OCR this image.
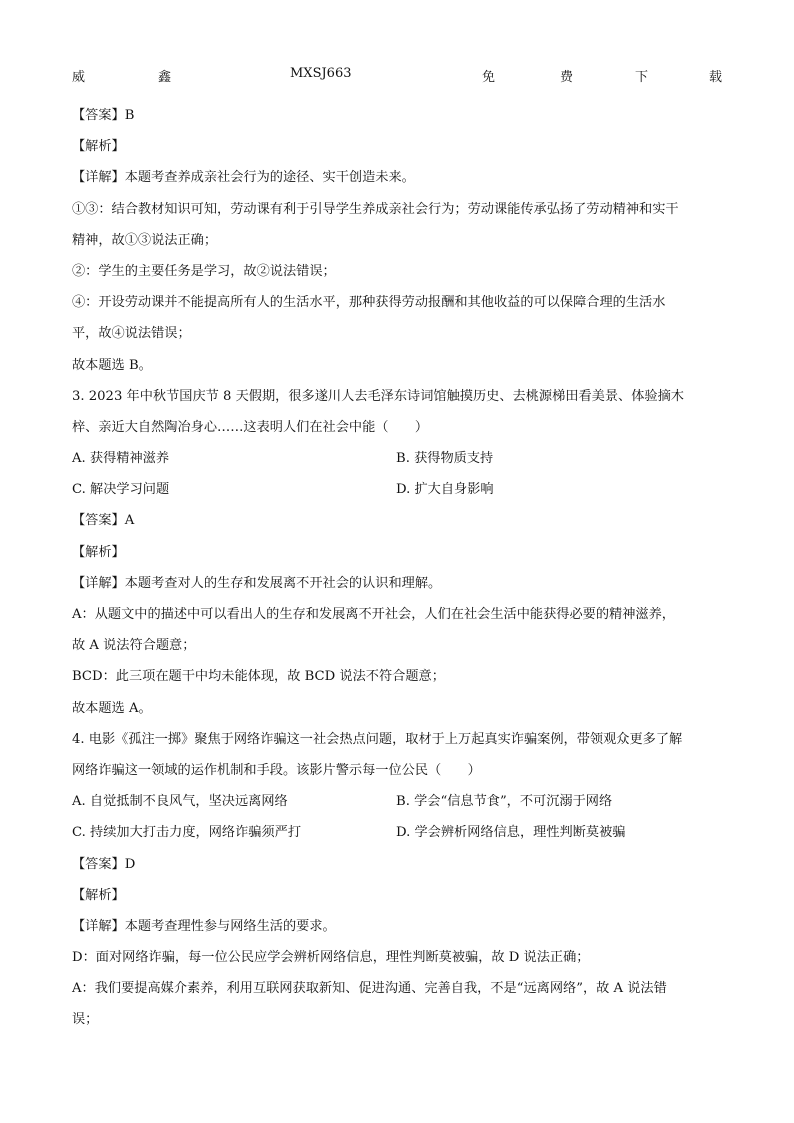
威	鑫	MXSJ663	免	费	下	载
【答案】B
【解析】
【详解】本题考查养成亲社会行为的途径、实干创造未来。
①③：结合教材知识可知，劳动课有利于引导学生养成亲社会行为；劳动课能传承弘扬了劳动精神和实干
精神，故①③说法正确；
②：学生的主要任务是学习，故②说法错误；
④：开设劳动课并不能提高所有人的生活水平，那种获得劳动报酬和其他收益的可以保障合理的生活水
平，故④说法错误；
故本题选 B。
3. 2023 年中秋节国庆节 8 天假期，很多遂川人去毛泽东诗词馆触摸历史、去桃源梯田看美景、体验摘木
梓、亲近大自然陶冶身心……这表明人们在社会中能（　　）
A. 获得精神滋养	B. 获得物质支持
C. 解决学习问题	D. 扩大自身影响
【答案】A
【解析】
【详解】本题考查对人的生存和发展离不开社会的认识和理解。
A：从题文中的描述中可以看出人的生存和发展离不开社会，人们在社会生活中能获得必要的精神滋养，
故 A 说法符合题意；
BCD：此三项在题干中均未能体现，故 BCD 说法不符合题意；
故本题选 A。
4. 电影《孤注一掷》聚焦于网络诈骗这一社会热点问题，取材于上万起真实诈骗案例，带领观众更多了解
网络诈骗这一领域的运作机制和手段。该影片警示每一位公民（　　）
A. 自觉抵制不良风气，坚决远离网络	B. 学会“信息节食”，不可沉溺于网络
C. 持续加大打击力度，网络诈骗须严打	D. 学会辨析网络信息，理性判断莫被骗
【答案】D
【解析】
【详解】本题考查理性参与网络生活的要求。
D：面对网络诈骗，每一位公民应学会辨析网络信息，理性判断莫被骗，故 D 说法正确；
A：我们要提高媒介素养，利用互联网获取新知、促进沟通、完善自我，不是“远离网络”，故 A 说法错
误；
